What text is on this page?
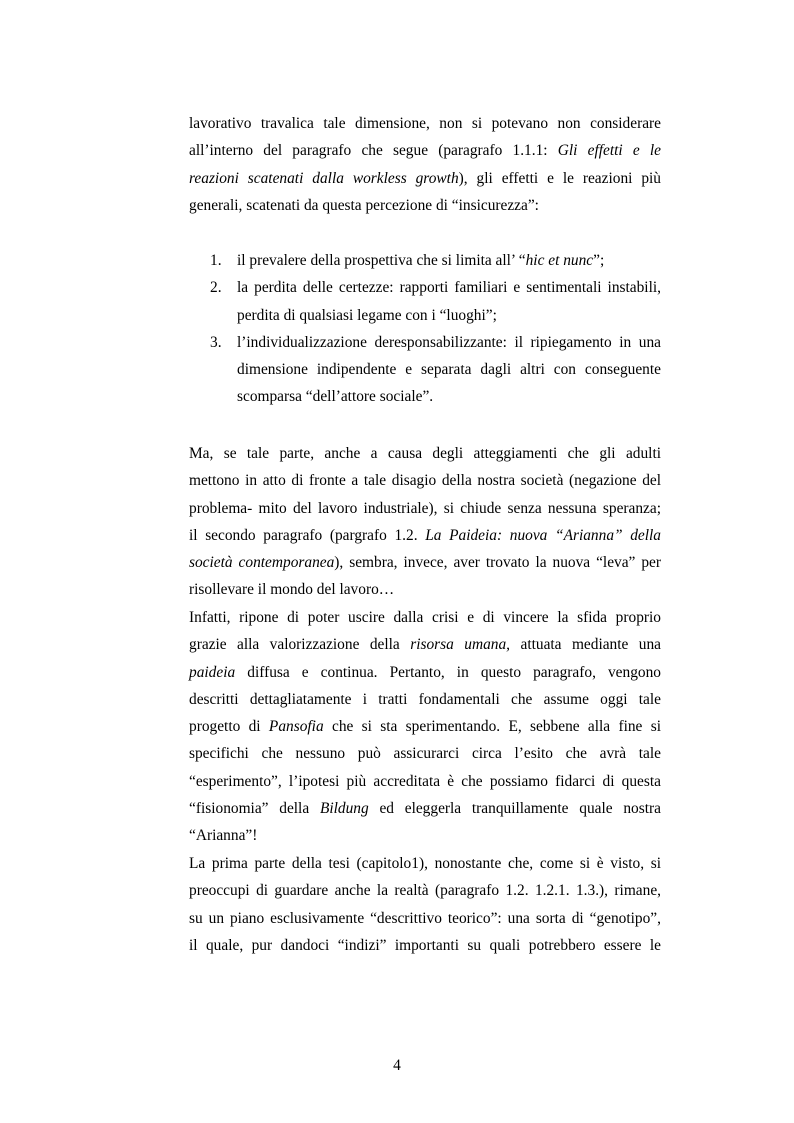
lavorativo travalica tale dimensione, non si potevano non considerare
all’interno del paragrafo che segue (paragrafo 1.1.1: Gli effetti e le
reazioni scatenati dalla workless growth), gli effetti e le reazioni più
generali, scatenati da questa percezione di “insicurezza”:
1. il prevalere della prospettiva che si limita all’ “hic et nunc”;
2. la perdita delle certezze: rapporti familiari e sentimentali instabili,
perdita di qualsiasi legame con i “luoghi”;
3. l’individualizzazione deresponsabilizzante: il ripiegamento in una
dimensione indipendente e separata dagli altri con conseguente
scomparsa “dell’attore sociale”.
Ma, se tale parte, anche a causa degli atteggiamenti che gli adulti
mettono in atto di fronte a tale disagio della nostra società (negazione del
problema- mito del lavoro industriale), si chiude senza nessuna speranza;
il secondo paragrafo (pargrafo 1.2. La Paideia: nuova “Arianna” della
società contemporanea), sembra, invece, aver trovato la nuova “leva” per
risollevare il mondo del lavoro…
Infatti, ripone di poter uscire dalla crisi e di vincere la sfida proprio
grazie alla valorizzazione della risorsa umana, attuata mediante una
paideia diffusa e continua. Pertanto, in questo paragrafo, vengono
descritti dettagliatamente i tratti fondamentali che assume oggi tale
progetto di Pansofia che si sta sperimentando. E, sebbene alla fine si
specifichi che nessuno può assicurarci circa l’esito che avrà tale
“esperimento”, l’ipotesi più accreditata è che possiamo fidarci di questa
“fisionomia” della Bildung ed eleggerla tranquillamente quale nostra
“Arianna”!
La prima parte della tesi (capitolo1), nonostante che, come si è visto, si
preoccupi di guardare anche la realtà (paragrafo 1.2. 1.2.1. 1.3.), rimane,
su un piano esclusivamente “descrittivo teorico”: una sorta di “genotipo”,
il quale, pur dandoci “indizi” importanti su quali potrebbero essere le
4
